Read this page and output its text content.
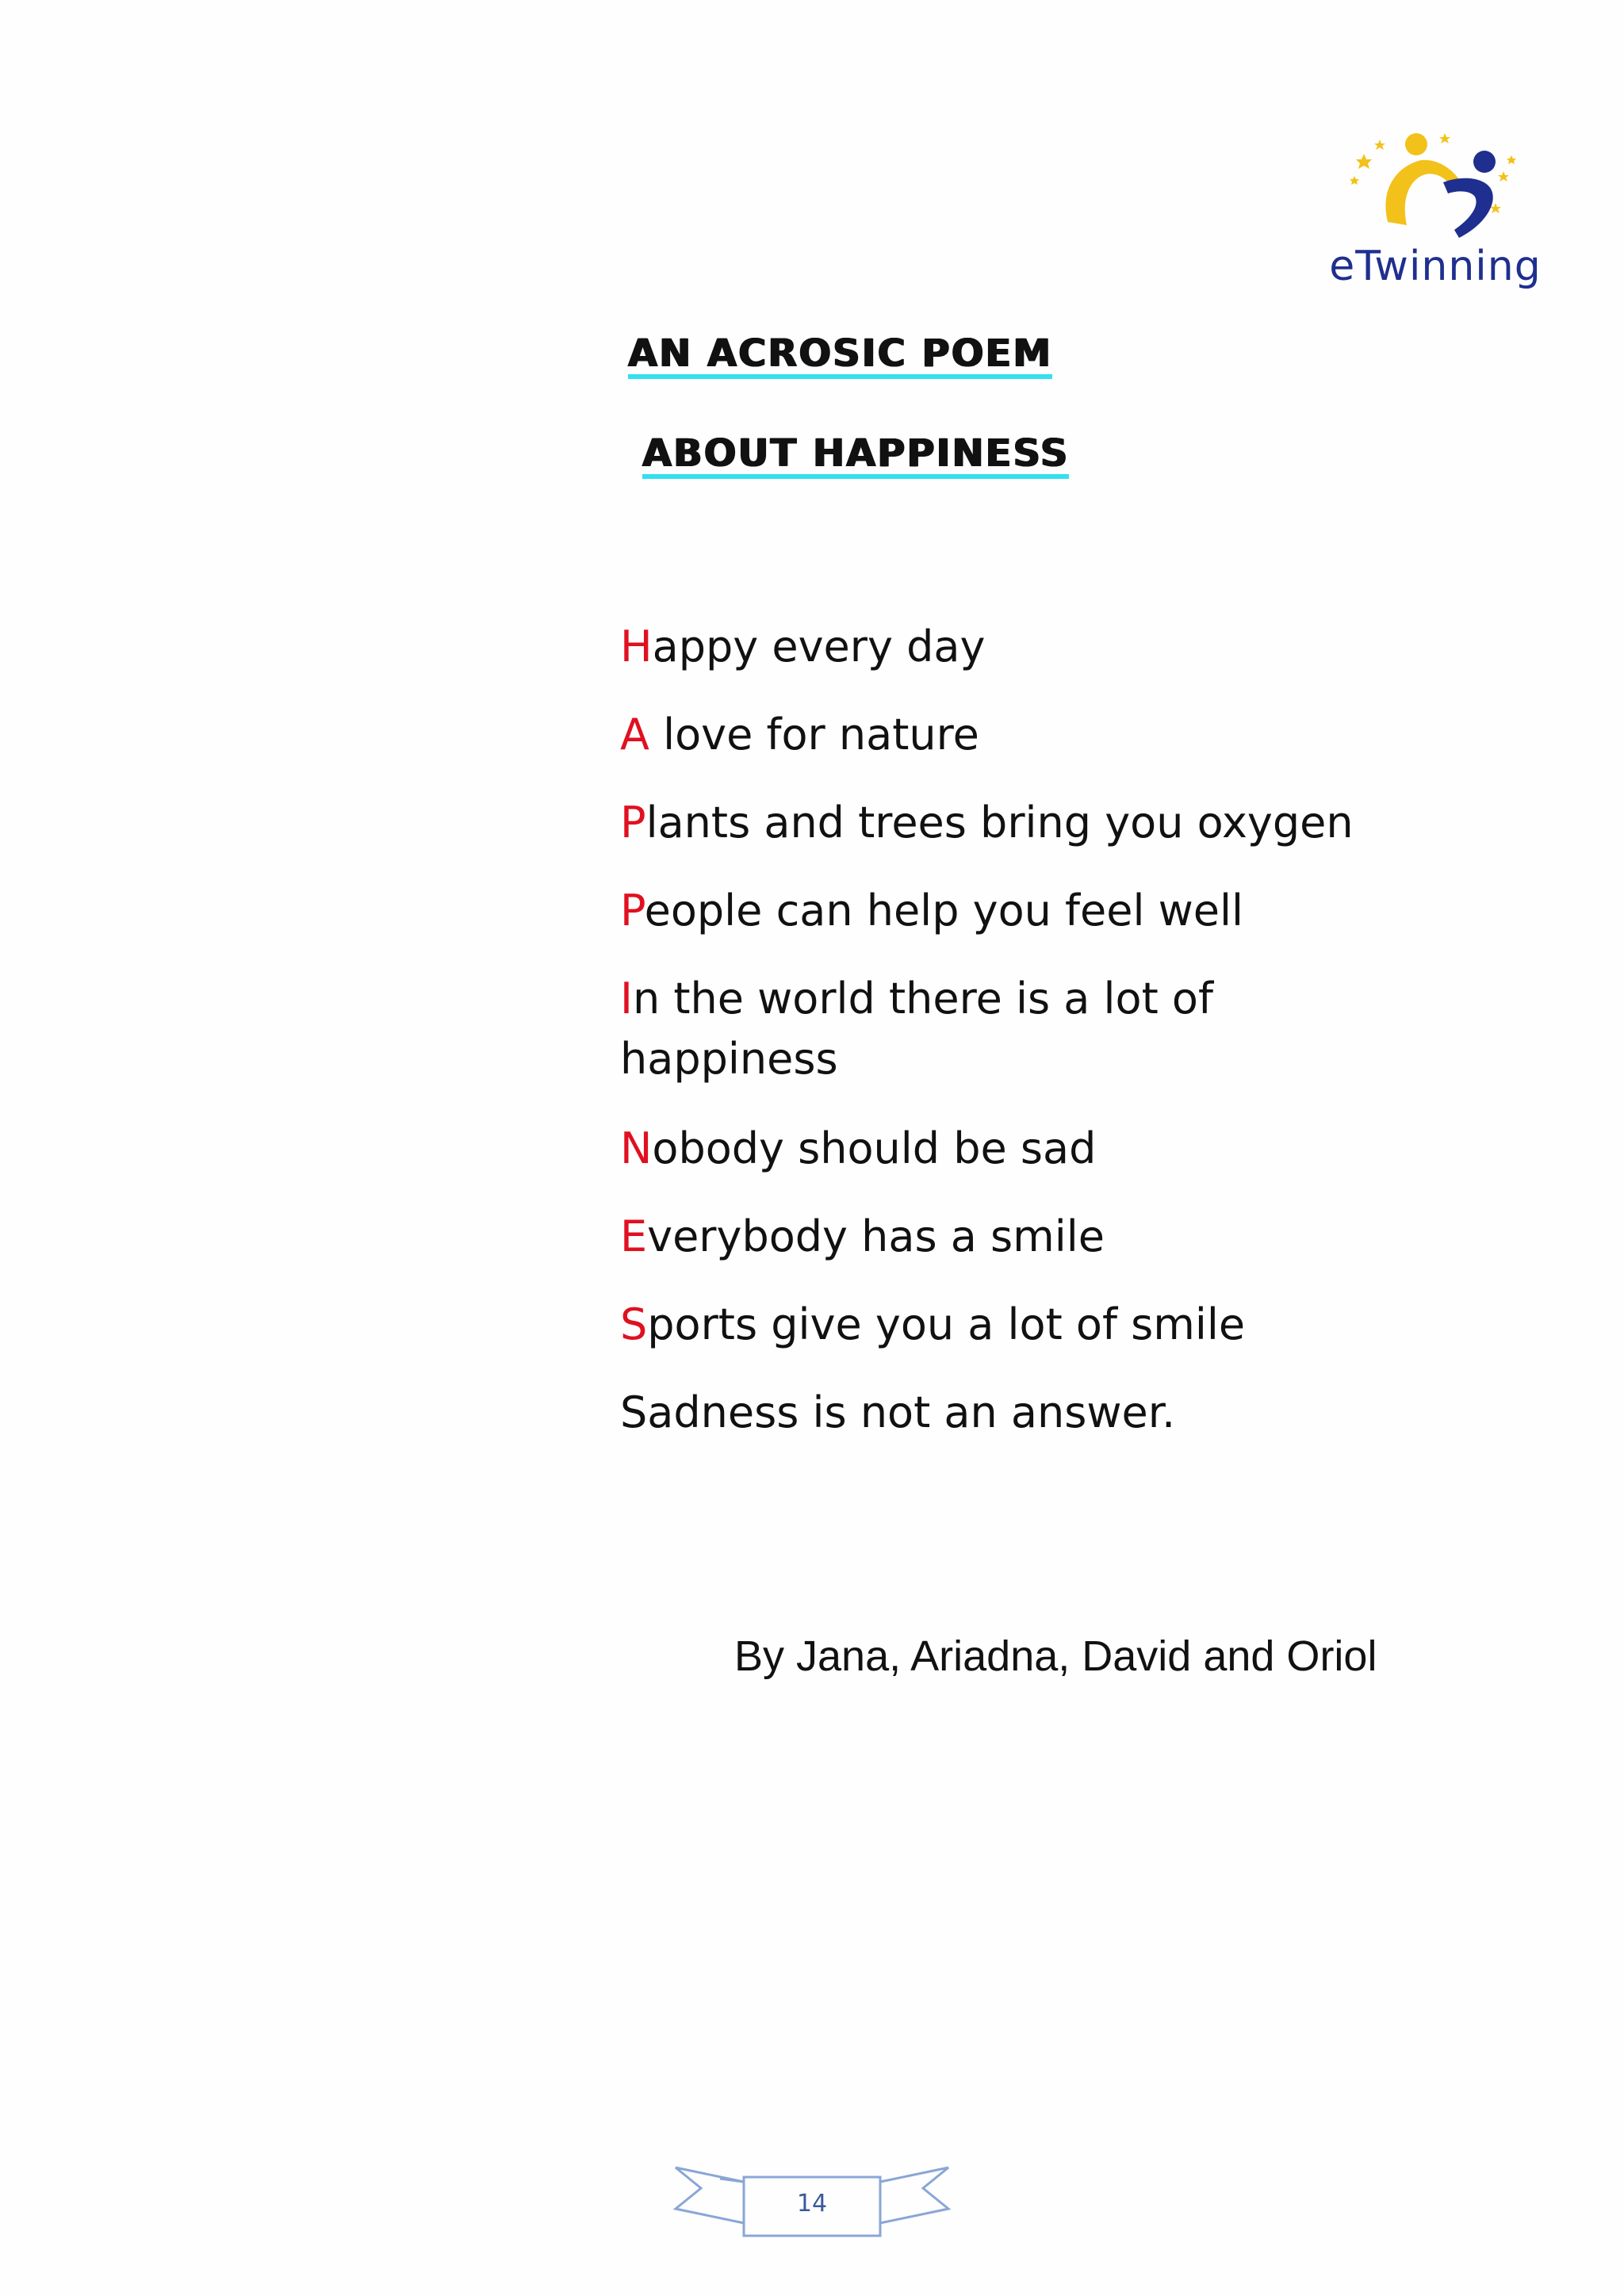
eTwinning
AN ACROSIC POEM
ABOUT HAPPINESS
Happy every day
A love for nature
Plants and trees bring you oxygen
People can help you feel well
In the world there is a lot of
happiness
Nobody should be sad
Everybody has a smile
Sports give you a lot of smile
Sadness is not an answer.
By Jana, Ariadna, David and Oriol
14
